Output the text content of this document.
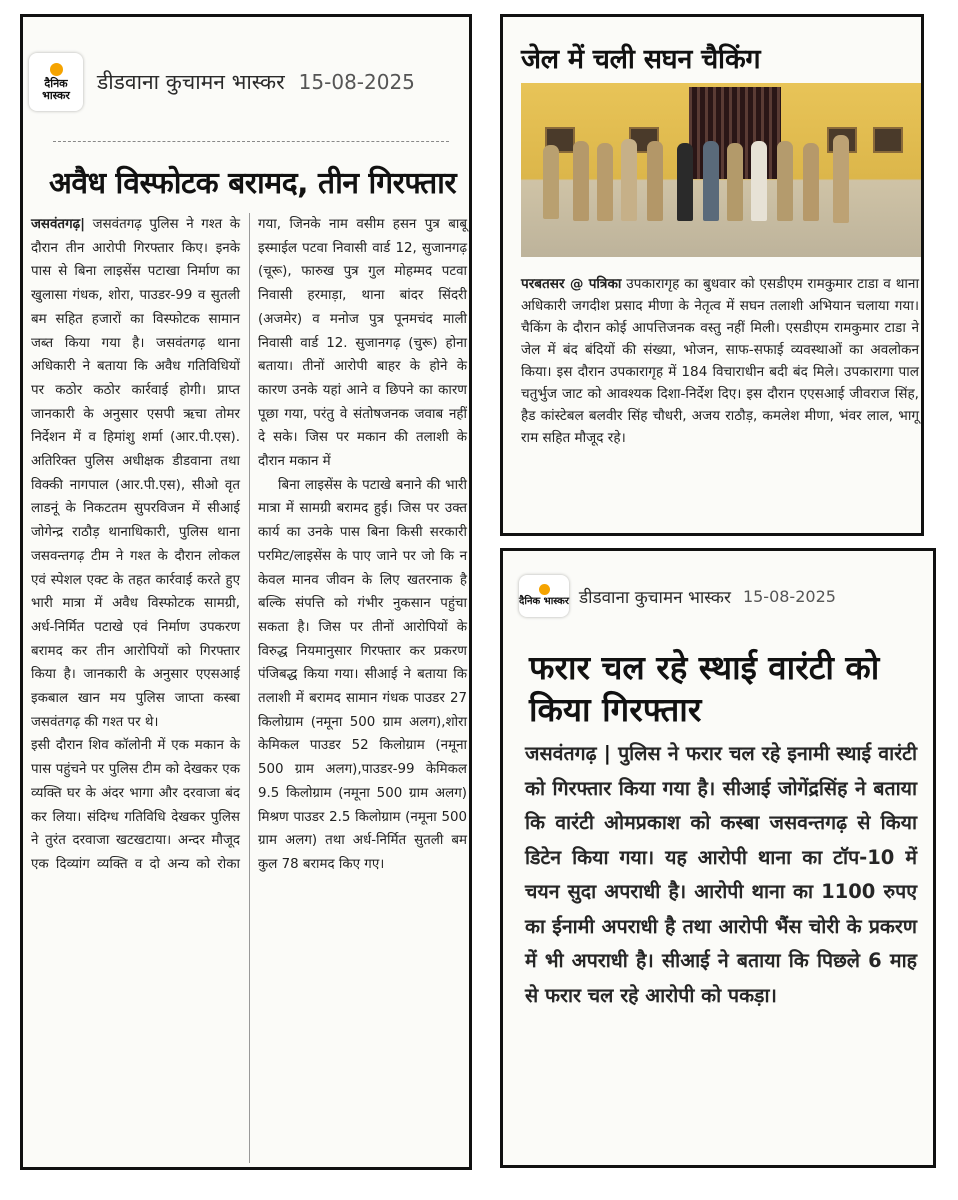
दैनिक भास्कर
डीडवाना कुचामन भास्कर 15-08-2025
अवैध विस्फोटक बरामद, तीन गिरफ्तार

जसवंतगढ़| जसवंतगढ़ पुलिस ने गश्त के दौरान तीन आरोपी गिरफ्तार किए। इनके पास से बिना लाइसेंस पटाखा निर्माण का खुलासा गंधक, शोरा, पाउडर-99 व सुतली बम सहित हजारों का विस्फोटक सामान जब्त किया गया है। जसवंतगढ़ थाना अधिकारी ने बताया कि अवैध गतिविधियों पर कठोर कठोर कार्रवाई होगी। प्राप्त जानकारी के अनुसार एसपी ऋचा तोमर निर्देशन में व हिमांशु शर्मा (आर.पी.एस). अतिरिक्त पुलिस अधीक्षक डीडवाना तथा विक्की नागपाल (आर.पी.एस), सीओ वृत लाडनूं के निकटतम सुपरविजन में सीआई जोगेन्द्र राठौड़ थानाधिकारी, पुलिस थाना जसवन्तगढ़ टीम ने गश्त के दौरान लोकल एवं स्पेशल एक्ट के तहत कार्रवाई करते हुए भारी मात्रा में अवैध विस्फोटक सामग्री, अर्ध-निर्मित पटाखे एवं निर्माण उपकरण बरामद कर तीन आरोपियों को गिरफ्तार किया है। जानकारी के अनुसार एएसआई इकबाल खान मय पुलिस जाप्ता कस्बा जसवंतगढ़ की गश्त पर थे।

इसी दौरान शिव कॉलोनी में एक मकान के पास पहुंचने पर पुलिस टीम को देखकर एक व्यक्ति घर के अंदर भागा और दरवाजा बंद कर लिया। संदिग्ध गतिविधि देखकर पुलिस ने तुरंत दरवाजा खटखटाया। अन्दर मौजूद एक दिव्यांग व्यक्ति व दो अन्य को रोका गया, जिनके नाम वसीम हसन पुत्र बाबू इस्माईल पटवा निवासी वार्ड 12, सुजानगढ़ (चूरू), फारुख पुत्र गुल मोहम्मद पटवा निवासी हरमाड़ा, थाना बांदर सिंदरी (अजमेर) व मनोज पुत्र पूनमचंद माली निवासी वार्ड 12. सुजानगढ़ (चुरू) होना बताया। तीनों आरोपी बाहर के होने के कारण उनके यहां आने व छिपने का कारण पूछा गया, परंतु वे संतोषजनक जवाब नहीं दे सके। जिस पर मकान की तलाशी के दौरान मकान में

बिना लाइसेंस के पटाखे बनाने की भारी मात्रा में सामग्री बरामद हुई। जिस पर उक्त कार्य का उनके पास बिना किसी सरकारी परमिट/लाइसेंस के पाए जाने पर जो कि न केवल मानव जीवन के लिए खतरनाक है बल्कि संपत्ति को गंभीर नुकसान पहुंचा सकता है। जिस पर तीनों आरोपियों के विरुद्ध नियमानुसार गिरफ्तार कर प्रकरण पंजिबद्ध किया गया। सीआई ने बताया कि तलाशी में बरामद सामान गंधक पाउडर 27 किलोग्राम (नमूना 500 ग्राम अलग),शोरा केमिकल पाउडर 52 किलोग्राम (नमूना 500 ग्राम अलग),पाउडर-99 केमिकल 9.5 किलोग्राम (नमूना 500 ग्राम अलग) मिश्रण पाउडर 2.5 किलोग्राम (नमूना 500 ग्राम अलग) तथा अर्ध-निर्मित सुतली बम कुल 78 बरामद किए गए।

जेल में चली सघन चैकिंग
परबतसर @ पत्रिका उपकारागृह का बुधवार को एसडीएम रामकुमार टाडा व थाना अधिकारी जगदीश प्रसाद मीणा के नेतृत्व में सघन तलाशी अभियान चलाया गया। चैकिंग के दौरान कोई आपत्तिजनक वस्तु नहीं मिली। एसडीएम रामकुमार टाडा ने जेल में बंद बंदियों की संख्या, भोजन, साफ-सफाई व्यवस्थाओं का अवलोकन किया। इस दौरान उपकारागृह में 184 विचाराधीन बदी बंद मिले। उपकारागा पाल चतुर्भुज जाट को आवश्यक दिशा-निर्देश दिए। इस दौरान एएसआई जीवराज सिंह, हैड कांस्टेबल बलवीर सिंह चौधरी, अजय राठौड़, कमलेश मीणा, भंवर लाल, भागू राम सहित मौजूद रहे।
दैनिक भास्कर डीडवाना कुचामन भास्कर 15-08-2025
फरार चल रहे स्थाई वारंटी को किया गिरफ्तार
जसवंतगढ़ | पुलिस ने फरार चल रहे इनामी स्थाई वारंटी को गिरफ्तार किया गया है। सीआई जोगेंद्रसिंह ने बताया कि वारंटी ओमप्रकाश को कस्बा जसवन्तगढ़ से किया डिटेन किया गया। यह आरोपी थाना का टॉप-10 में चयन सुदा अपराधी है। आरोपी थाना का 1100 रुपए का ईनामी अपराधी है तथा आरोपी भैंस चोरी के प्रकरण में भी अपराधी है। सीआई ने बताया कि पिछले 6 माह से फरार चल रहे आरोपी को पकड़ा।
